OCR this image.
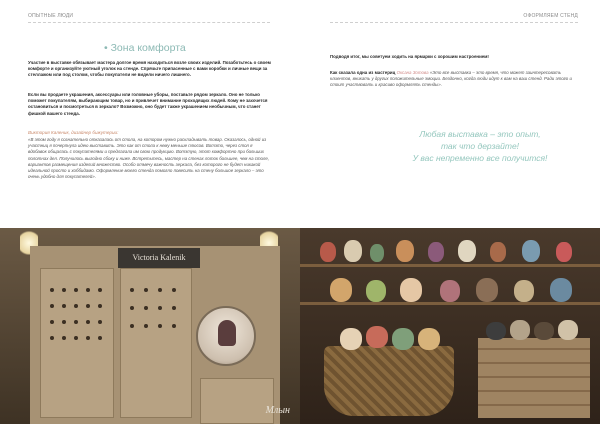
ОПЫТНЫЕ ЛЮДИ
• Зона комфорта

Участие в выставке обязывает мастера долгое время находиться возле своих изделий. Позаботьтесь о своем комфорте и организуйте уютный уголок на стенде. Спрячьте припасенные с вами коробки и личные вещи за стеллажом или под столом, чтобы покупатели не видели ничего лишнего.

Если вы продаете украшения, аксессуары или головные уборы, поставьте рядом зеркало. Оно не только поможет покупателям, выбирающим товар, но и привлечет внимание проходящих людей. Кому не захочется остановиться и посмотреться в зеркало? Возможно, оно будет также украшением необычным, что станет фишкой вашего стенда.

Виктория Каленик, дизайнер бижутерии:

«В этом году я сознательно отказалась от стола, на котором нужно раскладывать товар. Оказалось, одной из участниц я почерпнула идею выставить. Это как от стола к нему меньше плюсов. Вотэто, через стол я вдобавок общалась с покупателями и предлагала им свою продукцию. Вотэтую, этот комфортно при больших полотнах дел. Получилось выгодно сбоку и ниже. Встретьтесь, мастер на стенах лоток большее, чем на столе, вариантов размещения изделий множество. Особо отмечу важность зеркала, без которого не будет никакой идеальной просто и хоббидамо. Оформление моего стенда помогло повесить на стену большое зеркало – это очень удобно для покупателей».

ОФОРМЛЯЕМ СТЕНД

Подводя итог, мы советуем ходить на ярмарки с хорошим настроением!

Как сказала одна из мастериц Оксана Зотова «Это все выставка – это время, что может заинтересовать клиентов, вникать у других положительные эмоции. Бездонно, когда люди идут к вам на ваш стенд. Ради этого и стоит участвовать и красиво оформлять стенды».

Любая выставка – это опыт,
так что дерзайте!
У вас непременно все получится!
Victoria Kalenik
Млын
